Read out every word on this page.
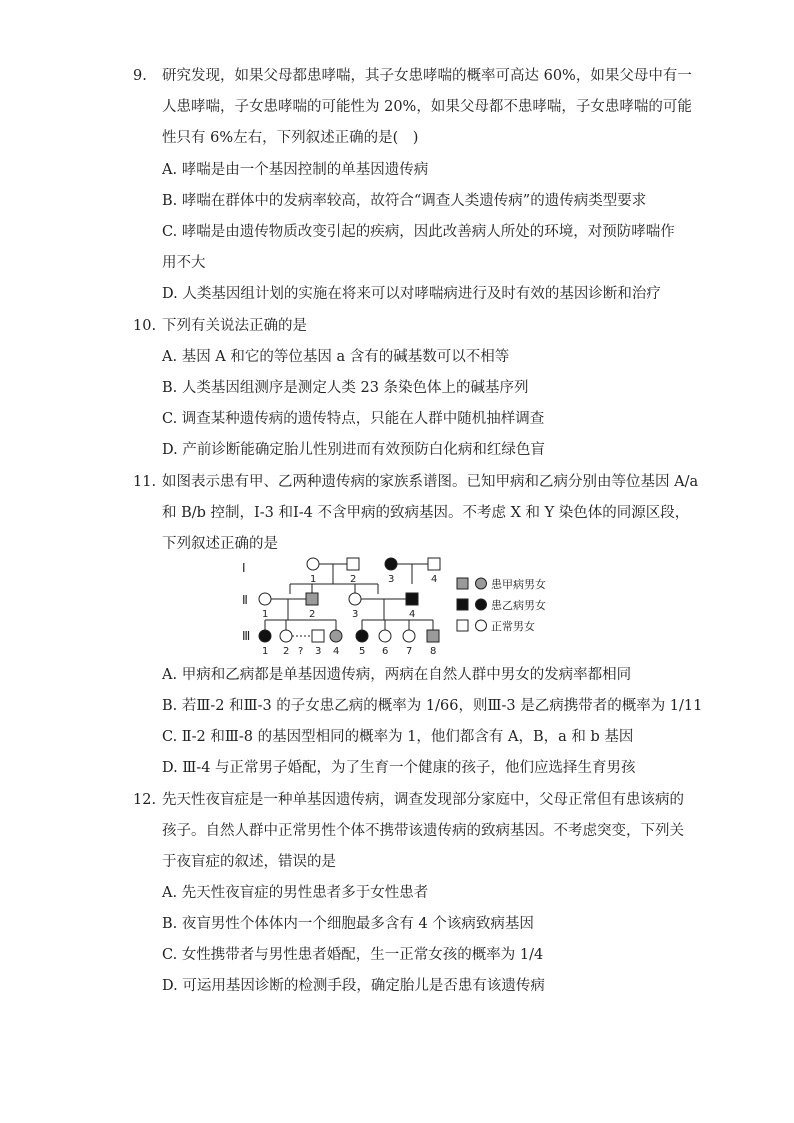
9. 研究发现，如果父母都患哮喘，其子女患哮喘的概率可高达 60%，如果父母中有一
人患哮喘，子女患哮喘的可能性为 20%，如果父母都不患哮喘，子女患哮喘的可能
性只有 6%左右，下列叙述正确的是(　)
A. 哮喘是由一个基因控制的单基因遗传病
B. 哮喘在群体中的发病率较高，故符合“调查人类遗传病”的遗传病类型要求
C. 哮喘是由遗传物质改变引起的疾病，因此改善病人所处的环境，对预防哮喘作
用不大
D. 人类基因组计划的实施在将来可以对哮喘病进行及时有效的基因诊断和治疗
10. 下列有关说法正确的是
A. 基因 A 和它的等位基因 a 含有的碱基数可以不相等
B. 人类基因组测序是测定人类 23 条染色体上的碱基序列
C. 调查某种遗传病的遗传特点，只能在人群中随机抽样调查
D. 产前诊断能确定胎儿性别进而有效预防白化病和红绿色盲
11. 如图表示患有甲、乙两种遗传病的家族系谱图。已知甲病和乙病分别由等位基因 A/a
和 B/b 控制，Ⅰ-3 和Ⅰ-4 不含甲病的致病基因。不考虑 X 和 Y 染色体的同源区段，
下列叙述正确的是
Ⅰ
Ⅱ
Ⅲ
1	2	3	4
1	2	3	4
1 2 ? 3 4 5 6 7 8
患甲病男女
患乙病男女
正常男女
A. 甲病和乙病都是单基因遗传病，两病在自然人群中男女的发病率都相同
B. 若Ⅲ-2 和Ⅲ-3 的子女患乙病的概率为 1/66，则Ⅲ-3 是乙病携带者的概率为 1/11
C. Ⅱ-2 和Ⅲ-8 的基因型相同的概率为 1，他们都含有 A，B，a 和 b 基因
D. Ⅲ-4 与正常男子婚配，为了生育一个健康的孩子，他们应选择生育男孩
12. 先天性夜盲症是一种单基因遗传病，调查发现部分家庭中，父母正常但有患该病的
孩子。自然人群中正常男性个体不携带该遗传病的致病基因。不考虑突变，下列关
于夜盲症的叙述，错误的是
A. 先天性夜盲症的男性患者多于女性患者
B. 夜盲男性个体体内一个细胞最多含有 4 个该病致病基因
C. 女性携带者与男性患者婚配，生一正常女孩的概率为 1/4
D. 可运用基因诊断的检测手段，确定胎儿是否患有该遗传病
